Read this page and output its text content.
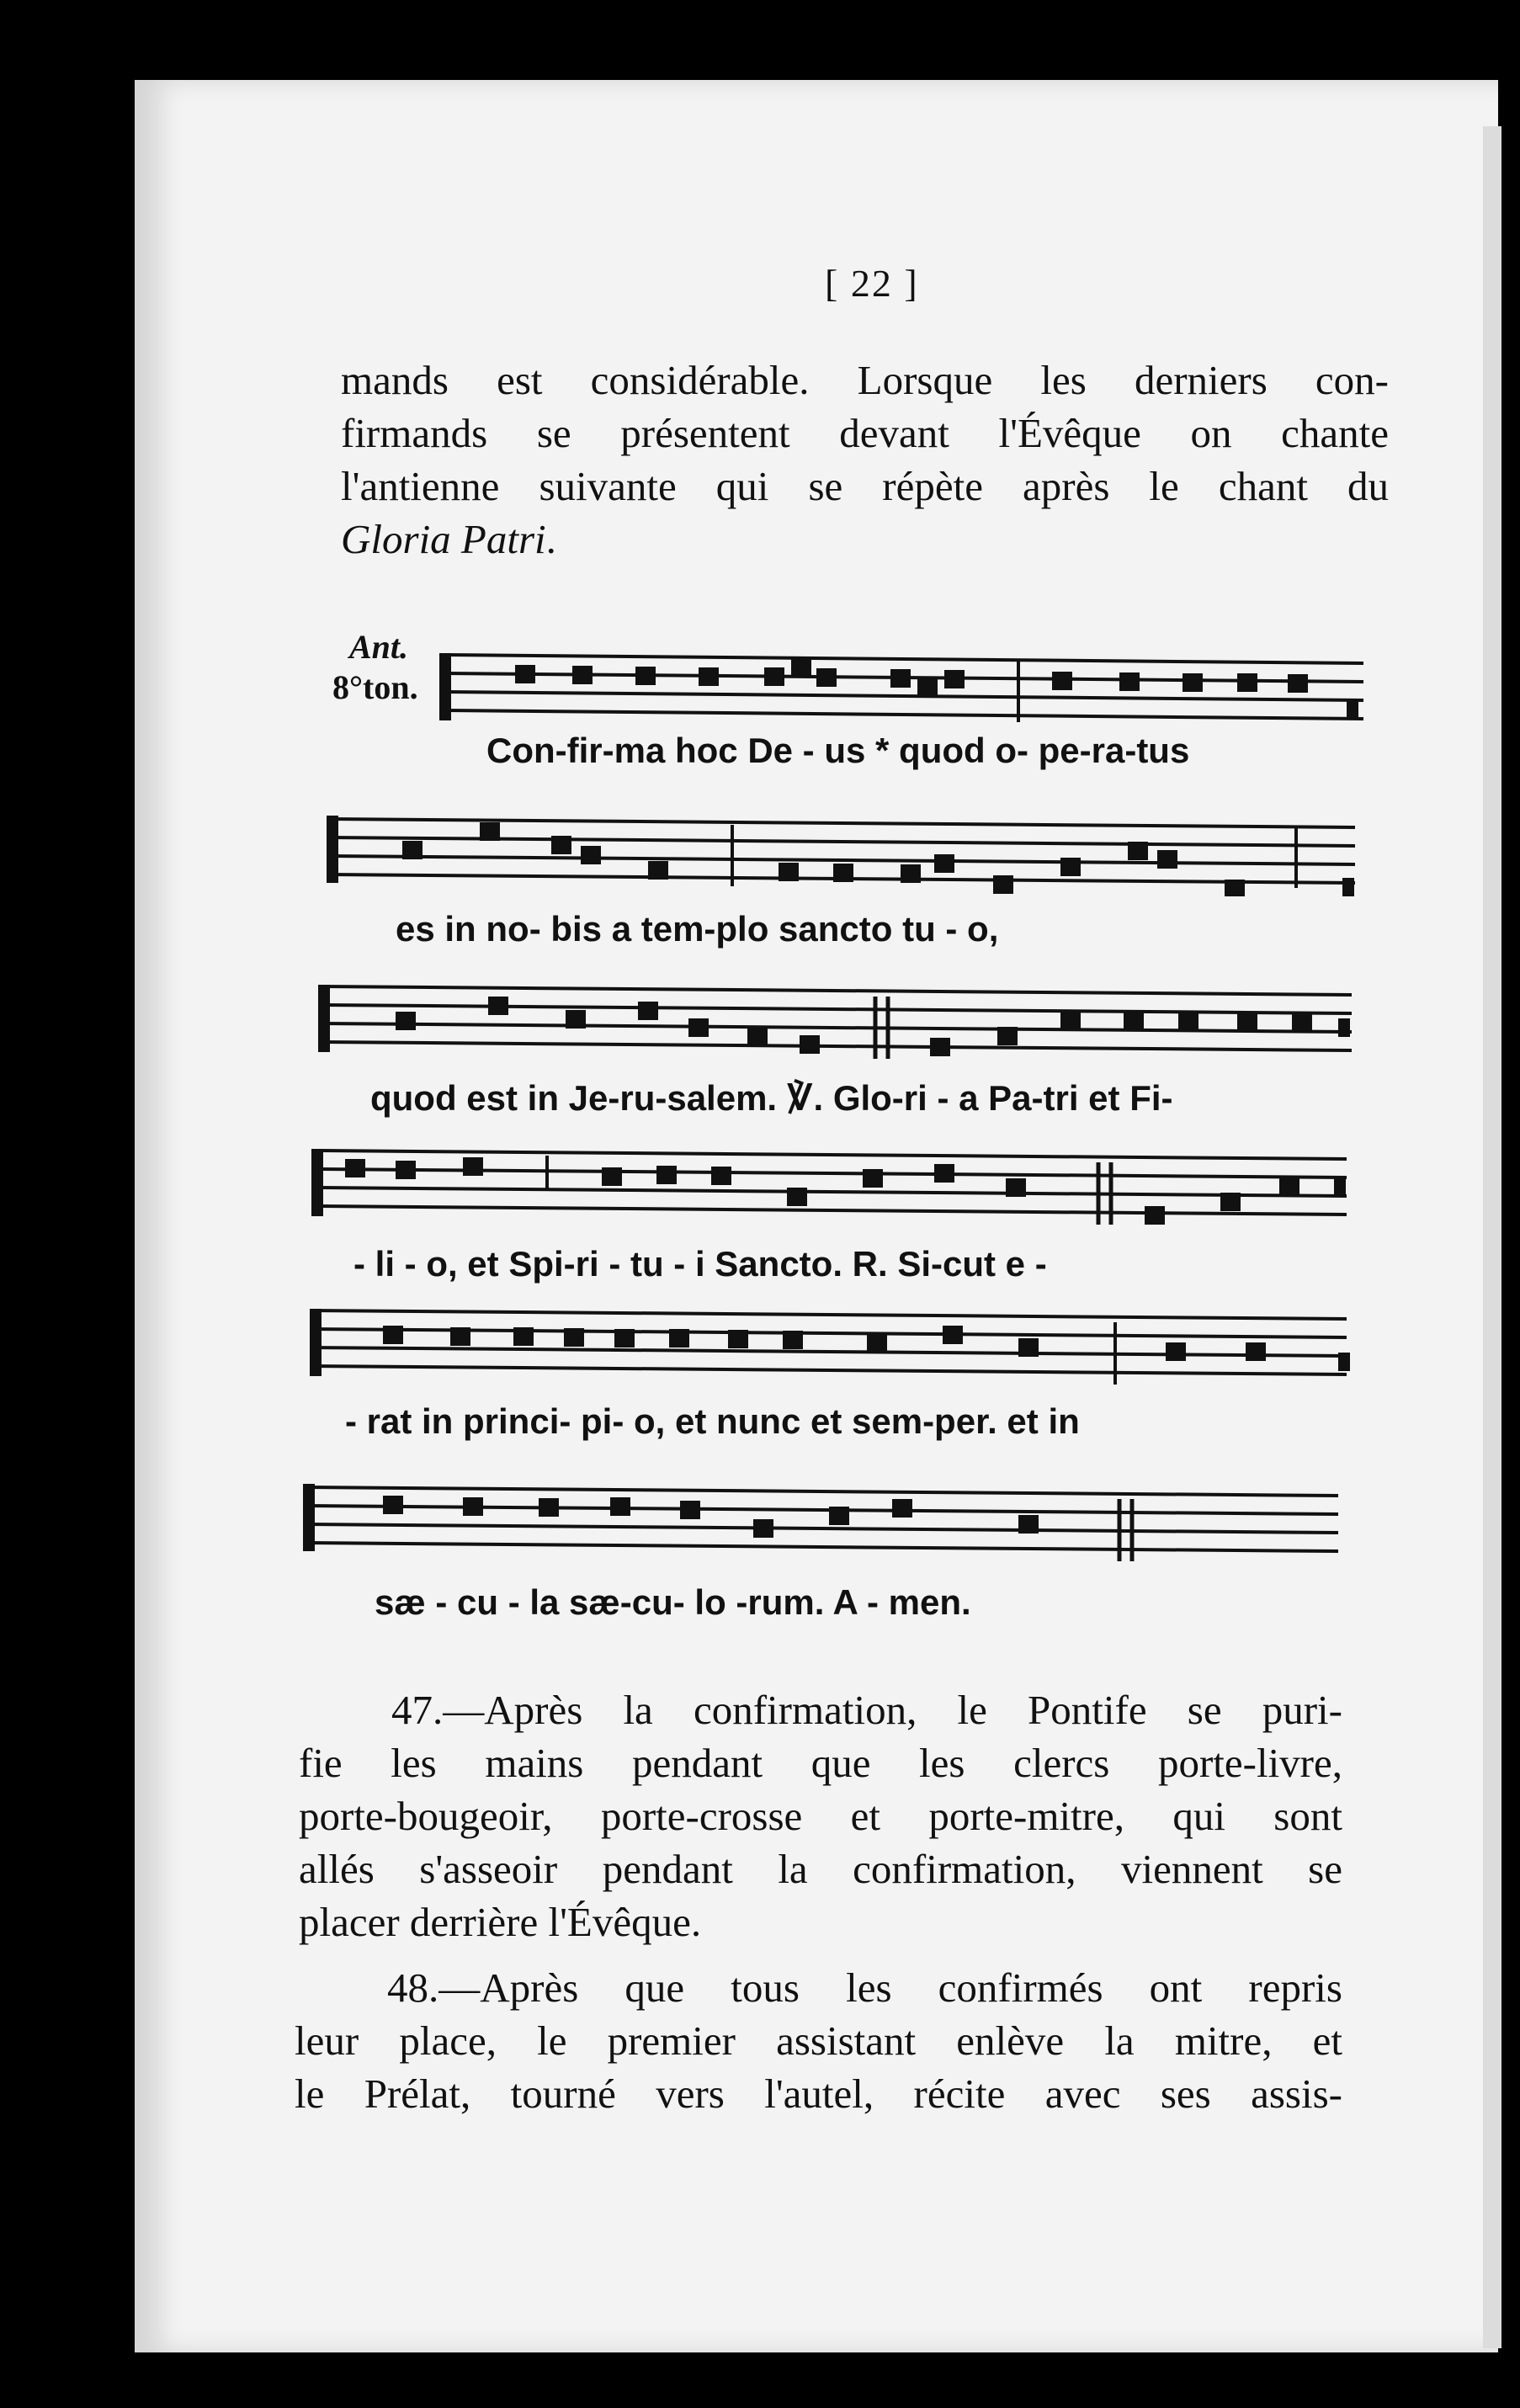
[ 22 ]
mands est considérable. Lorsque les derniers con-
firmands se présentent devant l'Évêque on chante
l'antienne suivante qui se répète après le chant du
Gloria Patri.
Ant.
8°ton.
Con-fir-ma hoc De - us * quod o- pe-ra-tus
es in no- bis a tem-plo sancto tu - o,
quod est in Je-ru-salem. ℣. Glo-ri - a Pa-tri et Fi-
- li - o, et Spi-ri - tu - i Sancto. R. Si-cut e -
- rat in princi- pi- o, et nunc et sem-per. et in
sæ - cu - la sæ-cu- lo -rum. A - men.
47.—Après la confirmation, le Pontife se puri-
fie les mains pendant que les clercs porte-livre,
porte-bougeoir, porte-crosse et porte-mitre, qui sont
allés s'asseoir pendant la confirmation, viennent se
placer derrière l'Évêque.
48.—Après que tous les confirmés ont repris
leur place, le premier assistant enlève la mitre, et
le Prélat, tourné vers l'autel, récite avec ses assis-
